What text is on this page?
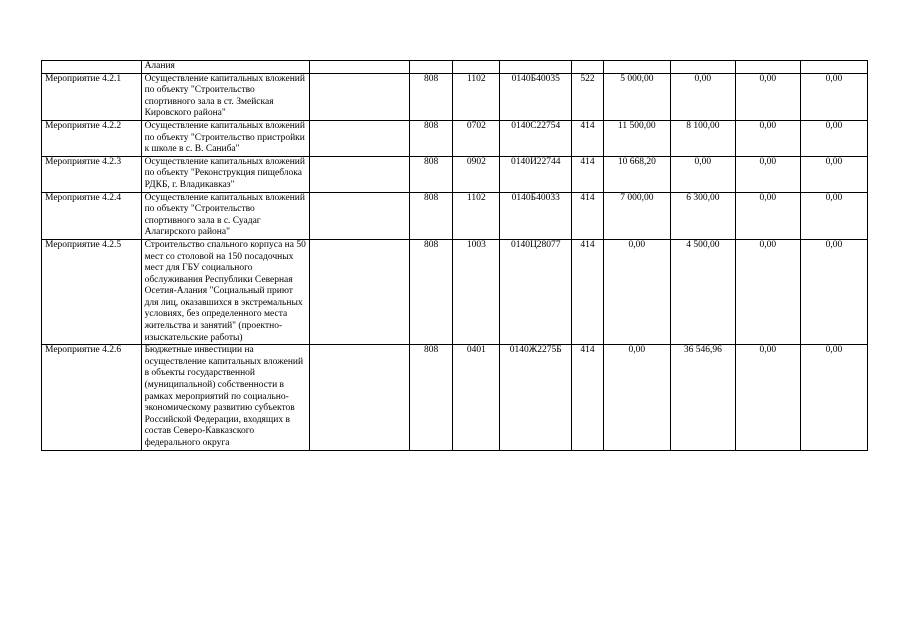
	Алания									
Мероприятие 4.2.1	Осуществление капитальных вложений по объекту "Строительство спортивного зала в ст. Змейская Кировского района"		808	1102	0140Б40035	522	5 000,00	0,00	0,00	0,00
Мероприятие 4.2.2	Осуществление капитальных вложений по объекту "Строительство пристройки к школе в с. В. Саниба"		808	0702	0140С22754	414	11 500,00	8 100,00	0,00	0,00
Мероприятие 4.2.3	Осуществление капитальных вложений по объекту "Реконструкция пищеблока РДКБ, г. Владикавказ"		808	0902	0140И22744	414	10 668,20	0,00	0,00	0,00
Мероприятие 4.2.4	Осуществление капитальных вложений по объекту "Строительство спортивного зала в с. Суадаг Алагирского района"		808	1102	0140Б40033	414	7 000,00	6 300,00	0,00	0,00
Мероприятие 4.2.5	Строительство спального корпуса на 50 мест со столовой на 150 посадочных мест для ГБУ социального обслуживания Республики Северная Осетия-Алания "Социальный приют для лиц, оказавшихся в экстремальных условиях, без определенного места жительства и занятий" (проектно-изыскательские работы)		808	1003	0140Ц28077	414	0,00	4 500,00	0,00	0,00
Мероприятие 4.2.6	Бюджетные инвестиции на осуществление капитальных вложений в объекты государственной (муниципальной) собственности в рамках мероприятий по социально-экономическому развитию субъектов Российской Федерации, входящих в состав Северо-Кавказского федерального округа		808	0401	0140Ж2275Б	414	0,00	36 546,96	0,00	0,00
